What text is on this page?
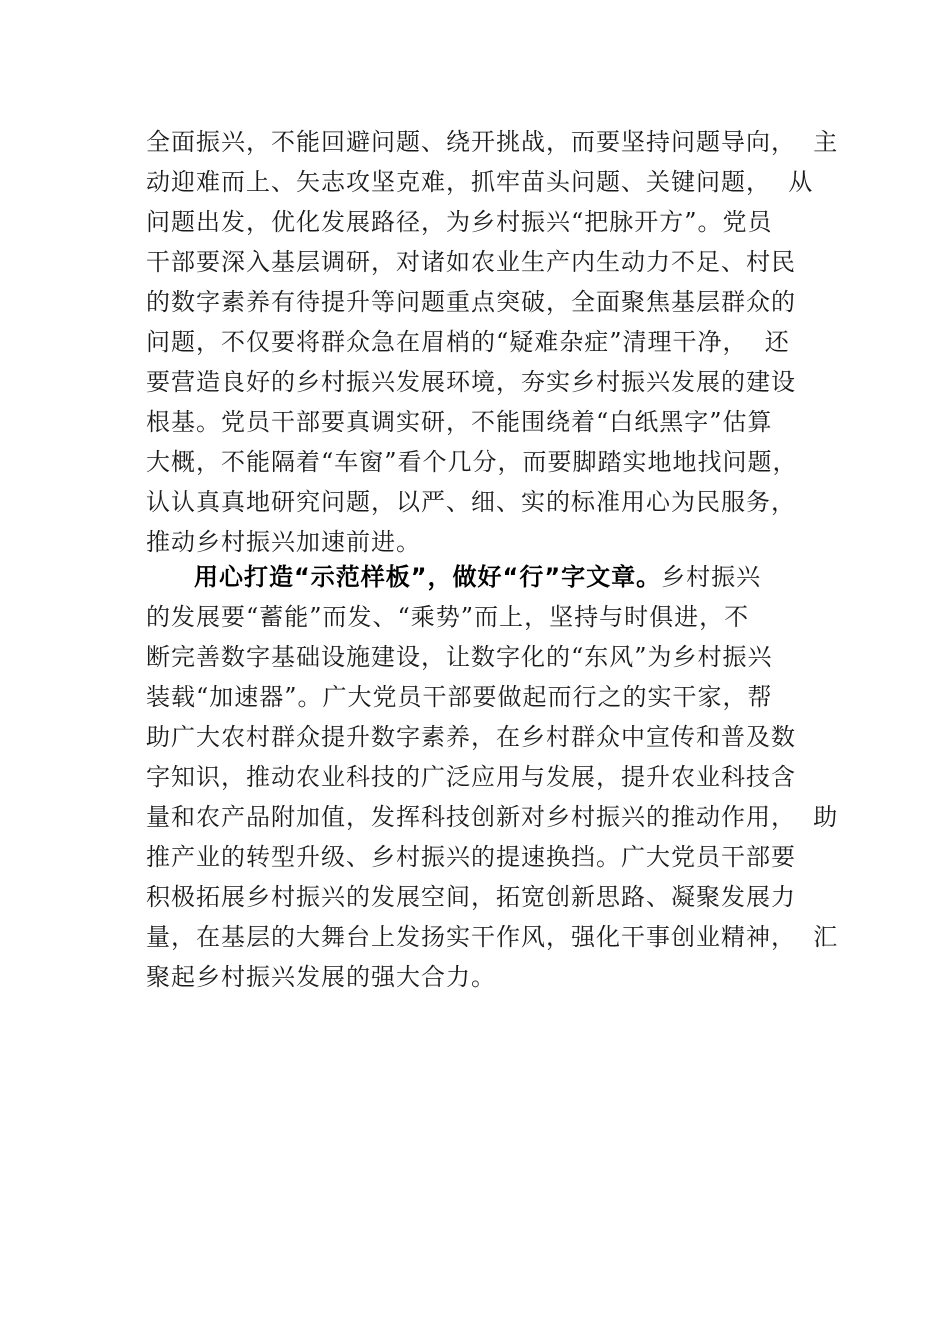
全面振兴，不能回避问题、绕开挑战，而要坚持问题导向，  主
动迎难而上、矢志攻坚克难，抓牢苗头问题、关键问题，  从
问题出发，优化发展路径，为乡村振兴“把脉开方”。党员
干部要深入基层调研，对诸如农业生产内生动力不足、村民
的数字素养有待提升等问题重点突破，全面聚焦基层群众的
问题，不仅要将群众急在眉梢的“疑难杂症”清理干净，  还
要营造良好的乡村振兴发展环境，夯实乡村振兴发展的建设
根基。党员干部要真调实研，不能围绕着“白纸黑字”估算
大概，不能隔着“车窗”看个几分，而要脚踏实地地找问题，
认认真真地研究问题，以严、细、实的标准用心为民服务，
推动乡村振兴加速前进。
用心打造“示范样板”，做好“行”字文章。乡村振兴
的发展要“蓄能”而发、“乘势”而上，坚持与时俱进，不
断完善数字基础设施建设，让数字化的“东风”为乡村振兴
装载“加速器”。广大党员干部要做起而行之的实干家，帮
助广大农村群众提升数字素养，在乡村群众中宣传和普及数
字知识，推动农业科技的广泛应用与发展，提升农业科技含
量和农产品附加值，发挥科技创新对乡村振兴的推动作用，  助
推产业的转型升级、乡村振兴的提速换挡。广大党员干部要
积极拓展乡村振兴的发展空间，拓宽创新思路、凝聚发展力
量，在基层的大舞台上发扬实干作风，强化干事创业精神，  汇
聚起乡村振兴发展的强大合力。
